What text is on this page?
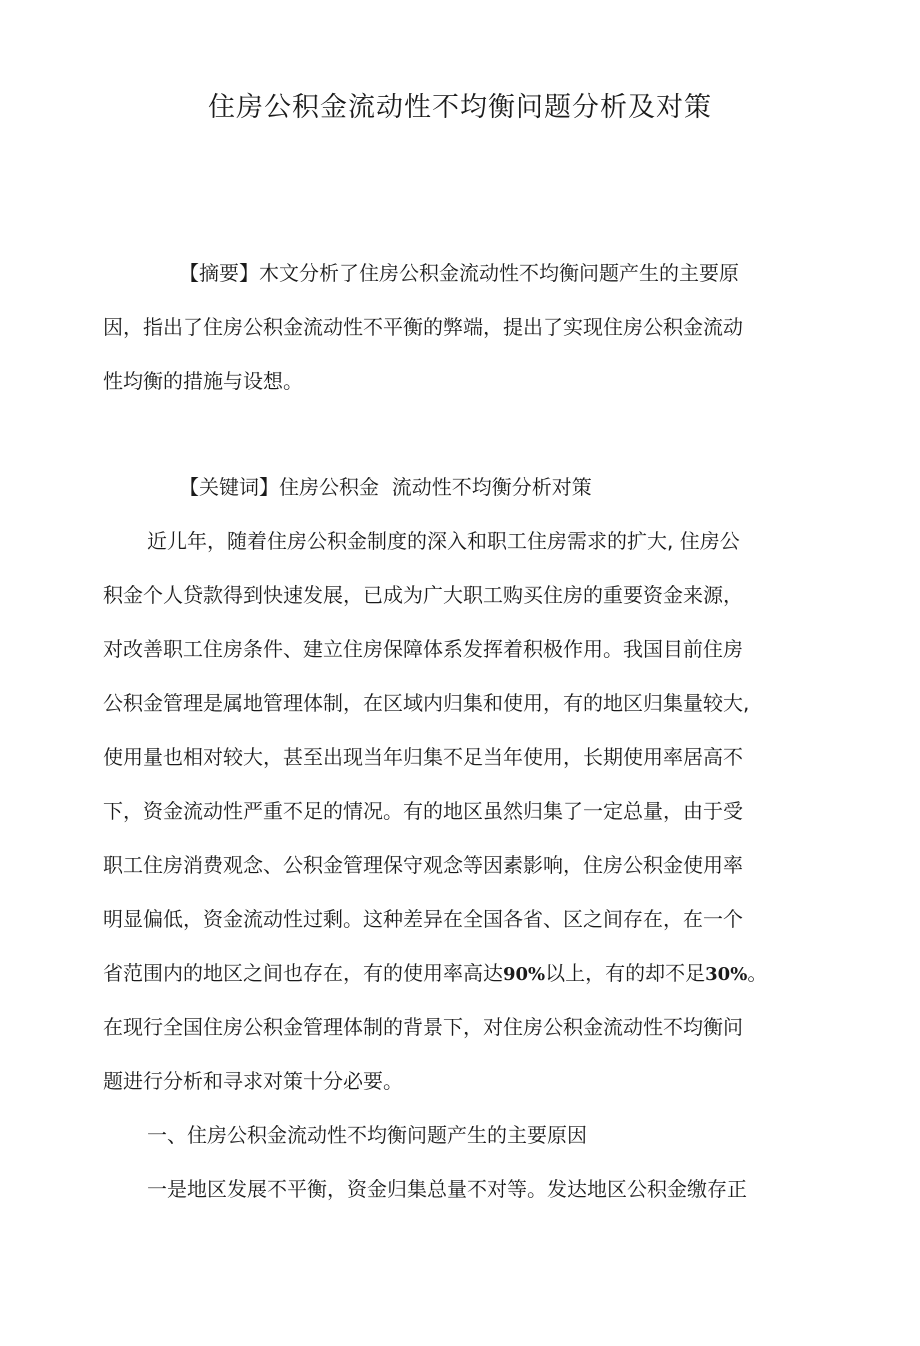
住房公积金流动性不均衡问题分析及对策
【摘要】木文分析了住房公积金流动性不均衡问题产生的主要原
因，指出了住房公积金流动性不平衡的弊端，提出了实现住房公积金流动
性均衡的措施与设想。
【关键词】住房公积金  流动性不均衡分析对策
近儿年，随着住房公积金制度的深入和职工住房需求的扩大, 住房公
积金个人贷款得到快速发展，已成为广大职工购买住房的重要资金来源，
对改善职工住房条件、建立住房保障体系发挥着积极作用。我国目前住房
公积金管理是属地管理体制，在区域内归集和使用，有的地区归集量较大,
使用量也相对较大，甚至出现当年归集不足当年使用，长期使用率居高不
下，资金流动性严重不足的情况。有的地区虽然归集了一定总量，由于受
职工住房消费观念、公积金管理保守观念等因素影响，住房公积金使用率
明显偏低，资金流动性过剩。这种差异在全国各省、区之间存在，在一个
省范围内的地区之间也存在，有的使用率高达90%以上，有的却不足30%。
在现行全国住房公积金管理体制的背景下，对住房公积金流动性不均衡问
题进行分析和寻求对策十分必要。
一、住房公积金流动性不均衡问题产生的主要原因
一是地区发展不平衡，资金归集总量不对等。发达地区公积金缴存正
